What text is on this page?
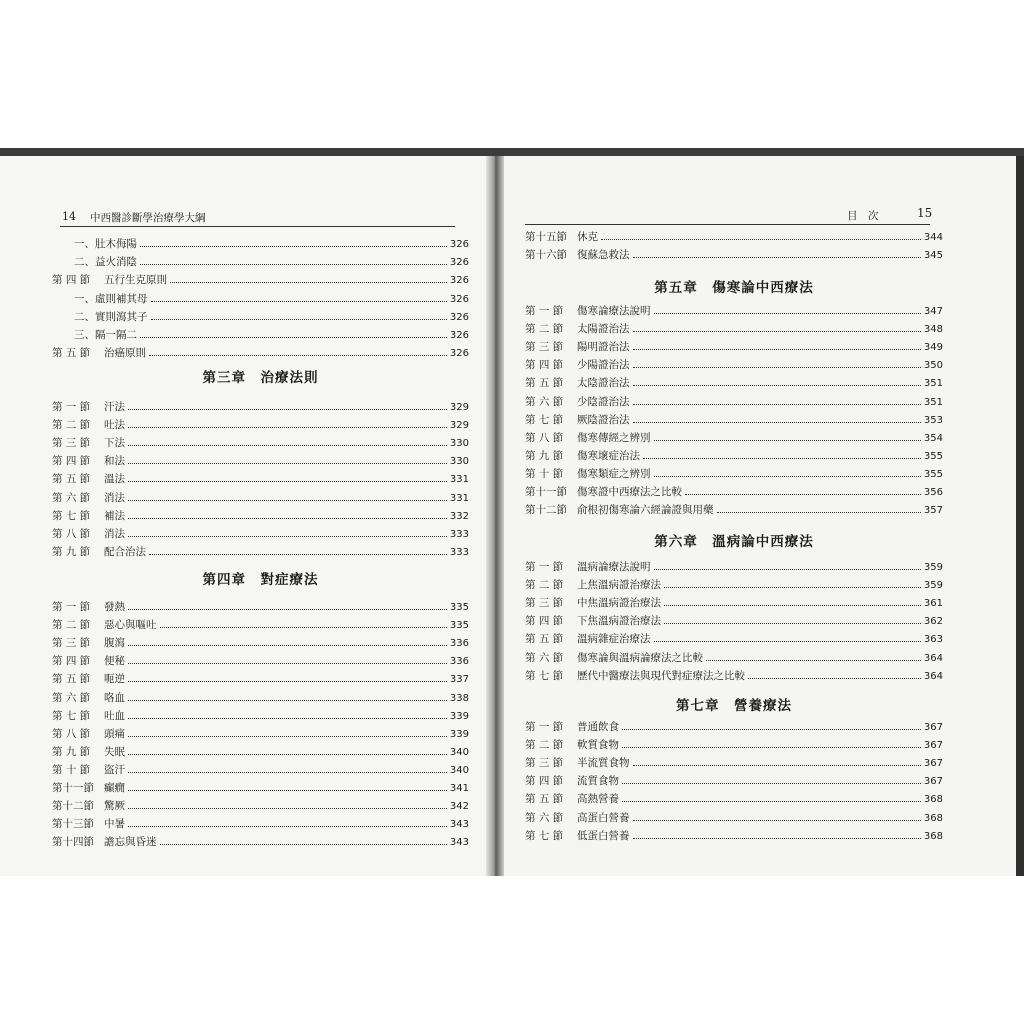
14 中西醫診斷學治療學大綱
一、肚木侮陽	326
二、益火消陰	326
第 四 節	五行生克原則	326
一、虛則補其母	326
二、實則瀉其子	326
三、隔一隔二	326
第 五 節	治癌原則	326
第三章　治療法則
第 一 節	汗法	329
第 二 節	吐法	329
第 三 節	下法	330
第 四 節	和法	330
第 五 節	溫法	331
第 六 節	消法	331
第 七 節	補法	332
第 八 節	消法	333
第 九 節	配合治法	333
第四章　對症療法
第 一 節	發熱	335
第 二 節	惡心與嘔吐	335
第 三 節	腹瀉	336
第 四 節	便秘	336
第 五 節	呃逆	337
第 六 節	咯血	338
第 七 節	吐血	339
第 八 節	頭痛	339
第 九 節	失眠	340
第 十 節	盜汗	340
第十一節 癲癇	341
第十二節 驚厥	342
第十三節 中暑	343
第十四節 譫忘與昏迷	343
目　次	15
第十五節 休克	344
第十六節 復蘇急救法	345
第五章　傷寒論中西療法
第 一 節	傷寒論療法說明	347
第 二 節	太陽證治法	348
第 三 節	陽明證治法	349
第 四 節	少陽證治法	350
第 五 節	太陰證治法	351
第 六 節	少陰證治法	351
第 七 節	厥陰證治法	353
第 八 節	傷寒傳經之辨別	354
第 九 節	傷寒壞症治法	355
第 十 節	傷寒類症之辨別	355
第十一節 傷寒證中西療法之比較	356
第十二節 俞根初傷寒論六經論證與用藥	357
第六章　溫病論中西療法
第 一 節	溫病論療法說明	359
第 二 節	上焦溫病證治療法	359
第 三 節	中焦溫病證治療法	361
第 四 節	下焦溫病證治療法	362
第 五 節	溫病雜症治療法	363
第 六 節	傷寒論與溫病論療法之比較	364
第 七 節	歷代中醫療法與現代對症療法之比較	364
第七章　營養療法
第 一 節	普通飲食	367
第 二 節	軟質食物	367
第 三 節	半流質食物	367
第 四 節	流質食物	367
第 五 節	高熱營養	368
第 六 節	高蛋白營養	368
第 七 節	低蛋白營養	368
